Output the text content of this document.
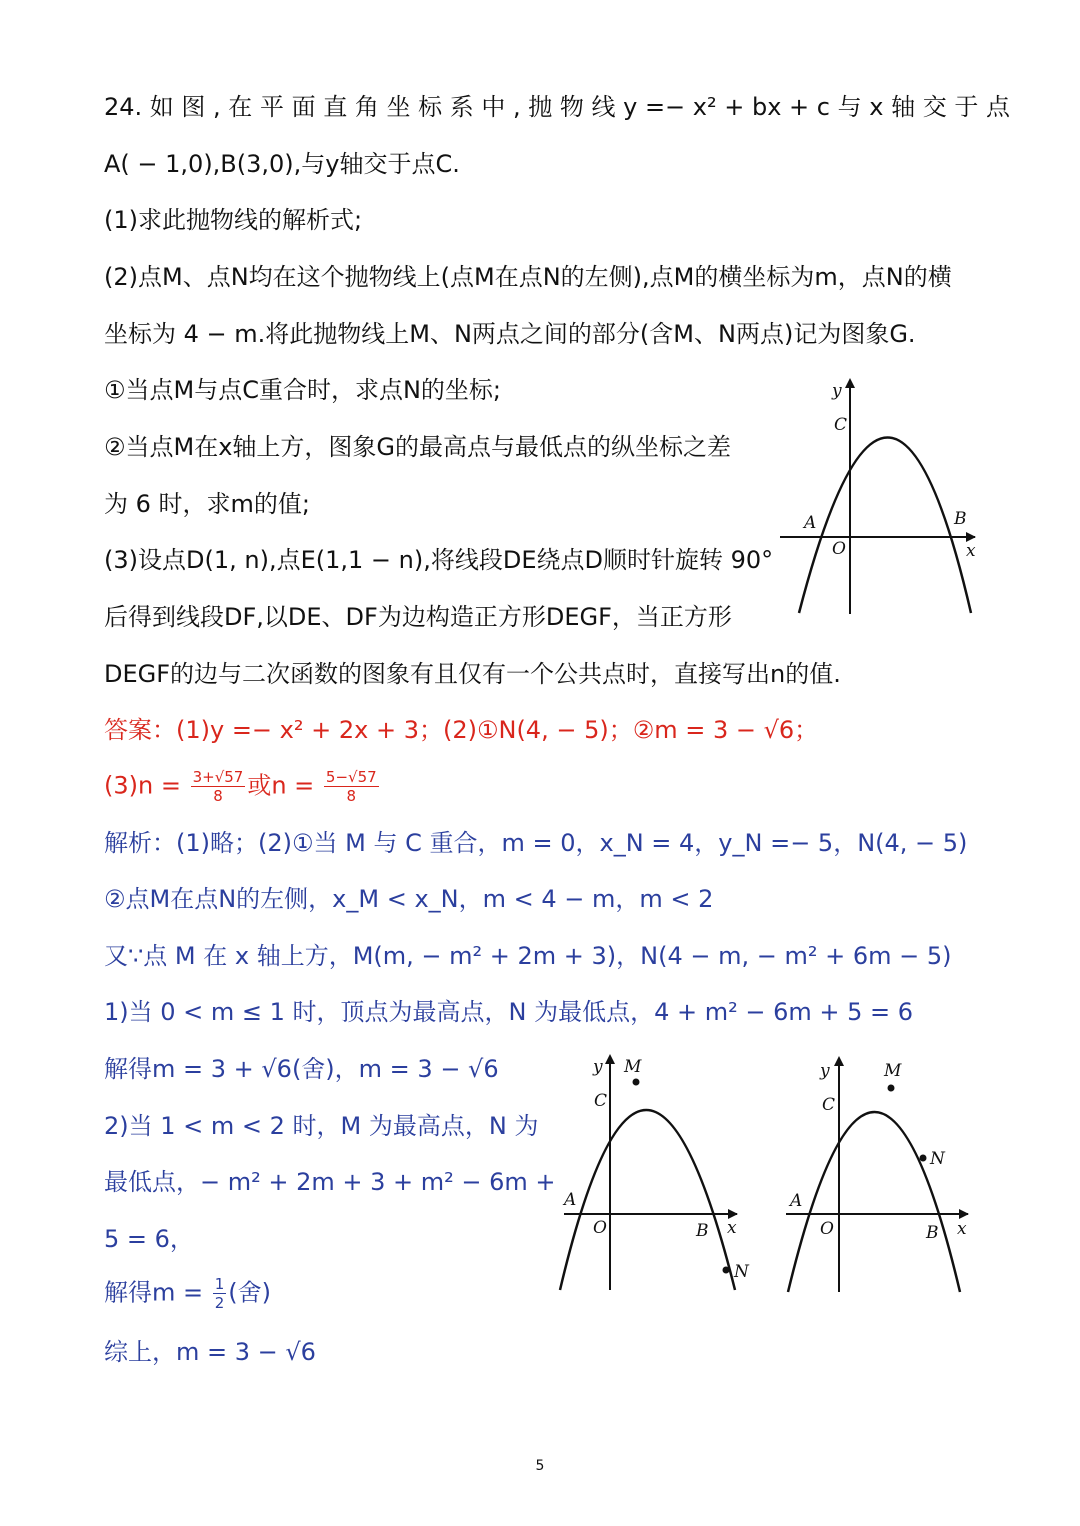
24. 如 图 , 在 平 面 直 角 坐 标 系 中 , 抛 物 线 y =− x² + bx + c 与 x 轴 交 于 点
A( − 1,0),B(3,0),与y轴交于点C.
(1)求此抛物线的解析式;
(2)点M、点N均在这个抛物线上(点M在点N的左侧),点M的横坐标为m，点N的横
坐标为 4 − m.将此抛物线上M、N两点之间的部分(含M、N两点)记为图象G.
①当点M与点C重合时，求点N的坐标;
②当点M在x轴上方，图象G的最高点与最低点的纵坐标之差
为 6 时，求m的值;
(3)设点D(1, n),点E(1,1 − n),将线段DE绕点D顺时针旋转 90°
后得到线段DF,以DE、DF为边构造正方形DEGF，当正方形
DEGF的边与二次函数的图象有且仅有一个公共点时，直接写出n的值.
答案：(1)y =− x² + 2x + 3；(2)①N(4, − 5)；②m = 3 − √6；
$(3)n = \frac{3+√57}{8}$ 或$n = \frac{5-√57}{8}$
解析：(1)略；(2)①当 M 与 C 重合，m = 0，x_N = 4，y_N =− 5，N(4, − 5)
②点M在点N的左侧，x_M < x_N，m < 4 − m，m < 2
又∵点 M 在 x 轴上方，M(m, − m² + 2m + 3)，N(4 − m, − m² + 6m − 5)
1)当 0 < m ≤ 1 时，顶点为最高点，N 为最低点，4 + m² − 6m + 5 = 6
解得m = 3 + √6(舍)，m = 3 − √6
2)当 1 < m < 2 时，M 为最高点，N 为
最低点，− m² + 2m + 3 + m² − 6m +
5 = 6，
解得$m = \frac{1}{2}$ (舍)
综上，m = 3 − √6
y
C
A	B
O	x
y M
C
A
O	B x
N
y	M
C
N
A
O	B x
5
